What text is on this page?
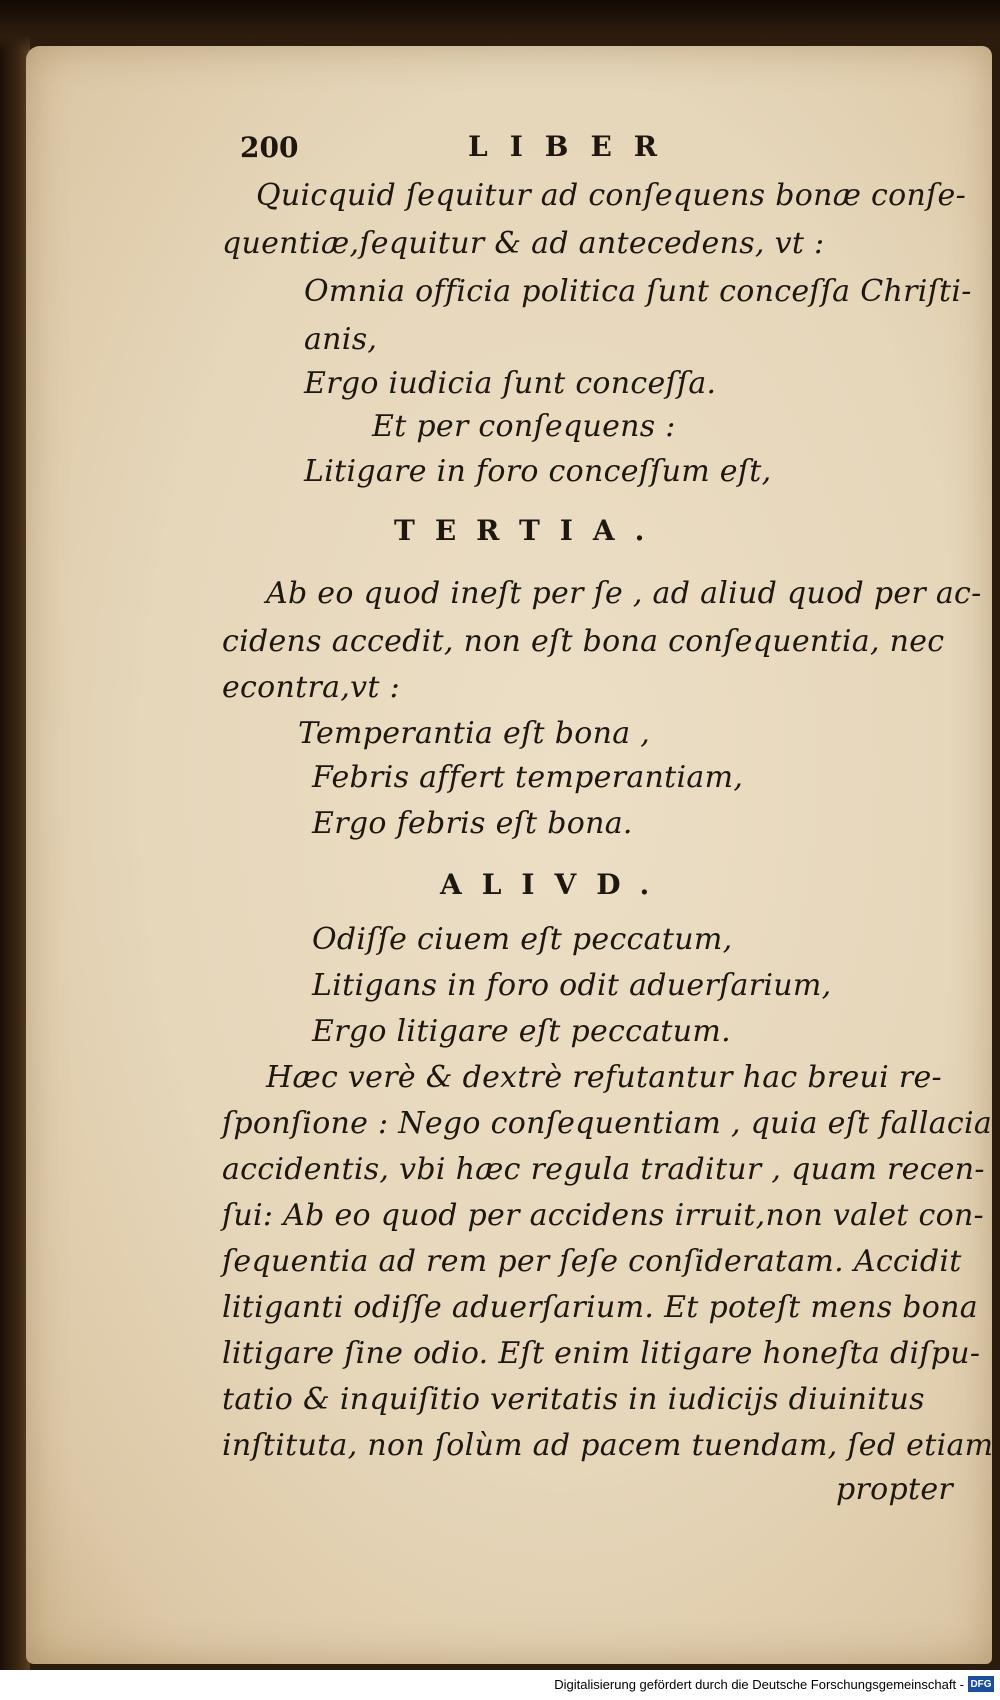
200	LIBER
Quicquid ſequitur ad conſequens bonæ conſe-
quentiæ,ſequitur & ad antecedens, vt :
Omnia officia politica ſunt conceſſa Chriſti-
anis,
Ergo iudicia ſunt conceſſa.
Et per conſequens :
Litigare in foro conceſſum eſt,
TERTIA.
Ab eo quod ineſt per ſe , ad aliud quod per ac-
cidens accedit, non eſt bona conſequentia, nec
econtra,vt :
Temperantia eſt bona ,
Febris affert temperantiam,
Ergo febris eſt bona.
ALIVD.
Odiſſe ciuem eſt peccatum,
Litigans in foro odit aduerſarium,
Ergo litigare eſt peccatum.
Hæc verè & dextrè refutantur hac breui re-
ſponſione : Nego conſequentiam , quia eſt fallacia
accidentis, vbi hæc regula traditur , quam recen-
ſui: Ab eo quod per accidens irruit,non valet con-
ſequentia ad rem per ſeſe conſideratam. Accidit
litiganti odiſſe aduerſarium. Et poteſt mens bona
litigare ſine odio. Eſt enim litigare honeſta diſpu-
tatio & inquiſitio veritatis in iudicijs diuinitus
inſtituta, non ſolùm ad pacem tuendam, ſed etiam
propter
Digitalisierung gefördert durch die Deutsche Forschungsgemeinschaft - DFG
